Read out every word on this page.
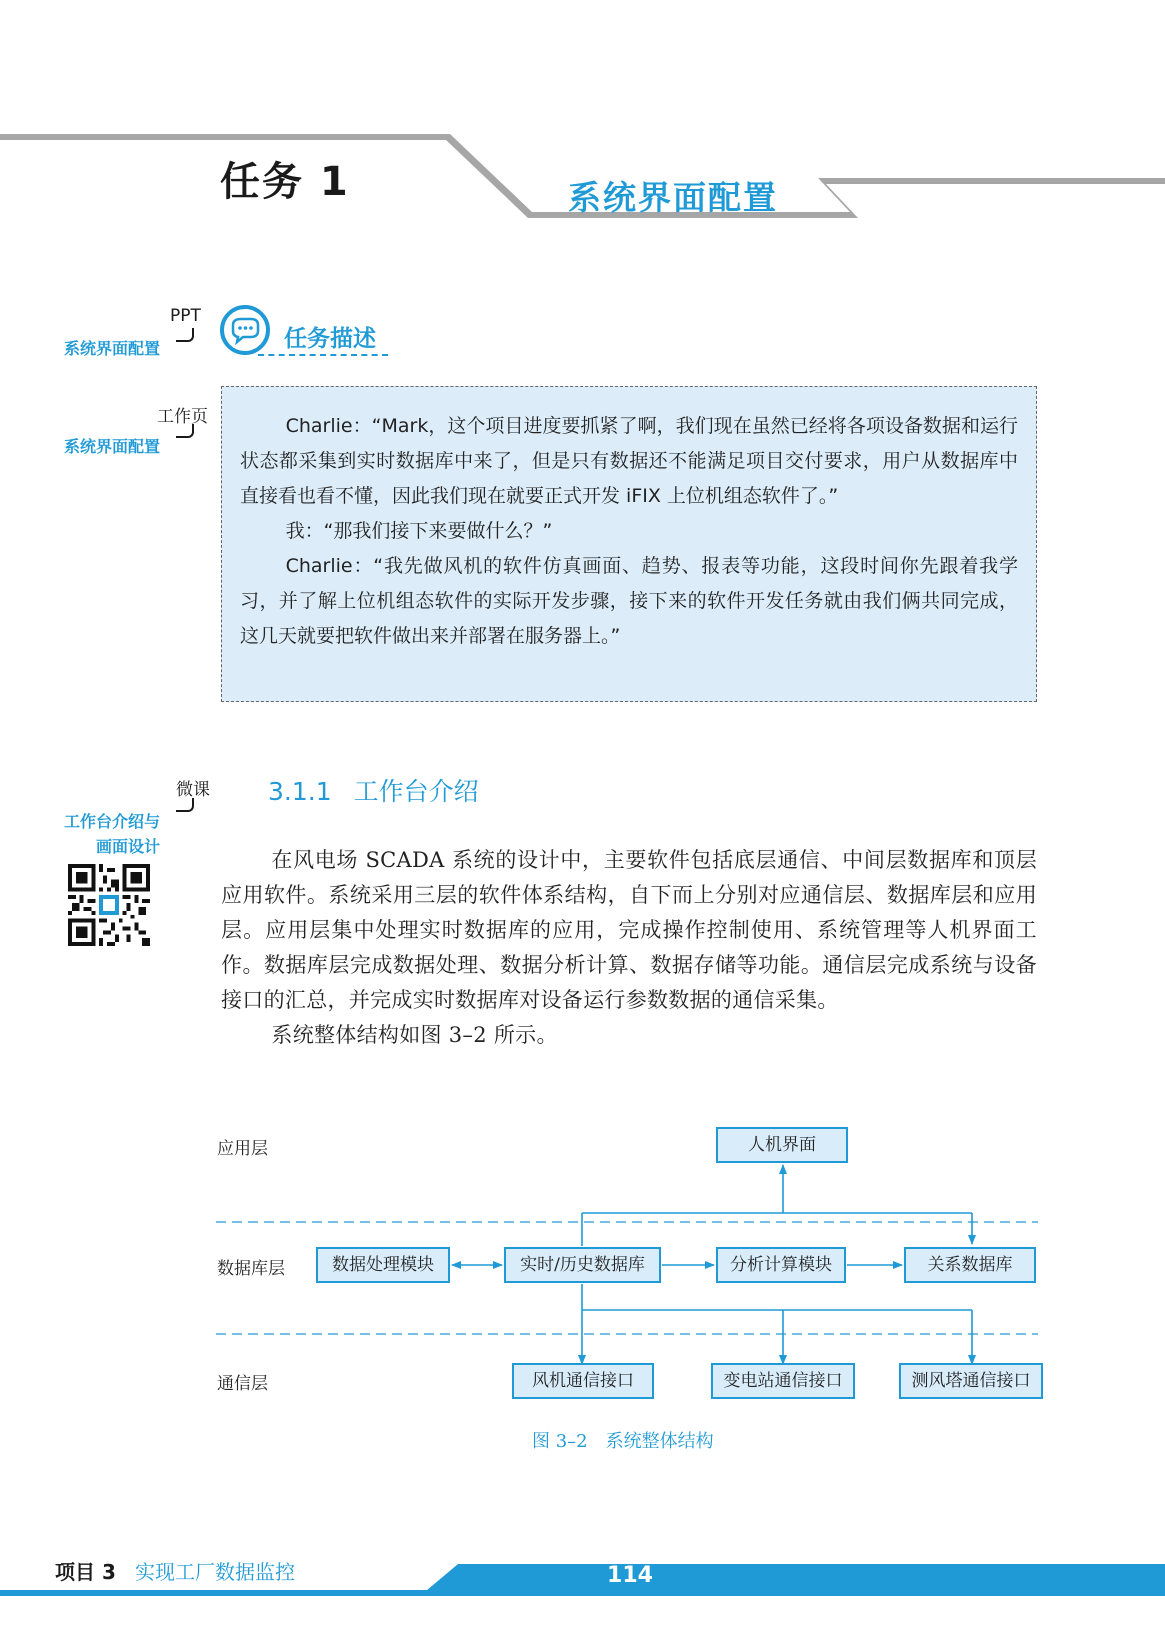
任务 1	系统界面配置
PPT
系统界面配置
工作页
系统界面配置
微课
工作台介绍与
画面设计
任务描述

Charlie：“Mark，这个项目进度要抓紧了啊，我们现在虽然已经将各项设备数据和运行状态都采集到实时数据库中来了，但是只有数据还不能满足项目交付要求，用户从数据库中直接看也看不懂，因此我们现在就要正式开发 iFIX 上位机组态软件了。”

我：“那我们接下来要做什么？”

Charlie：“我先做风机的软件仿真画面、趋势、报表等功能，这段时间你先跟着我学习，并了解上位机组态软件的实际开发步骤，接下来的软件开发任务就由我们俩共同完成，这几天就要把软件做出来并部署在服务器上。”

3.1.1 工作台介绍

在风电场 SCADA 系统的设计中，主要软件包括底层通信、中间层数据库和顶层应用软件。系统采用三层的软件体系结构，自下而上分别对应通信层、数据库层和应用层。应用层集中处理实时数据库的应用，完成操作控制使用、系统管理等人机界面工作。数据库层完成数据处理、数据分析计算、数据存储等功能。通信层完成系统与设备接口的汇总，并完成实时数据库对设备运行参数数据的通信采集。

系统整体结构如图 3–2 所示。

应用层
数据库层
通信层
人机界面
数据处理模块	实时/历史数据库	分析计算模块	关系数据库
风机通信接口	变电站通信接口	测风塔通信接口
图 3–2　系统整体结构
项目 3 实现工厂数据监控	114
